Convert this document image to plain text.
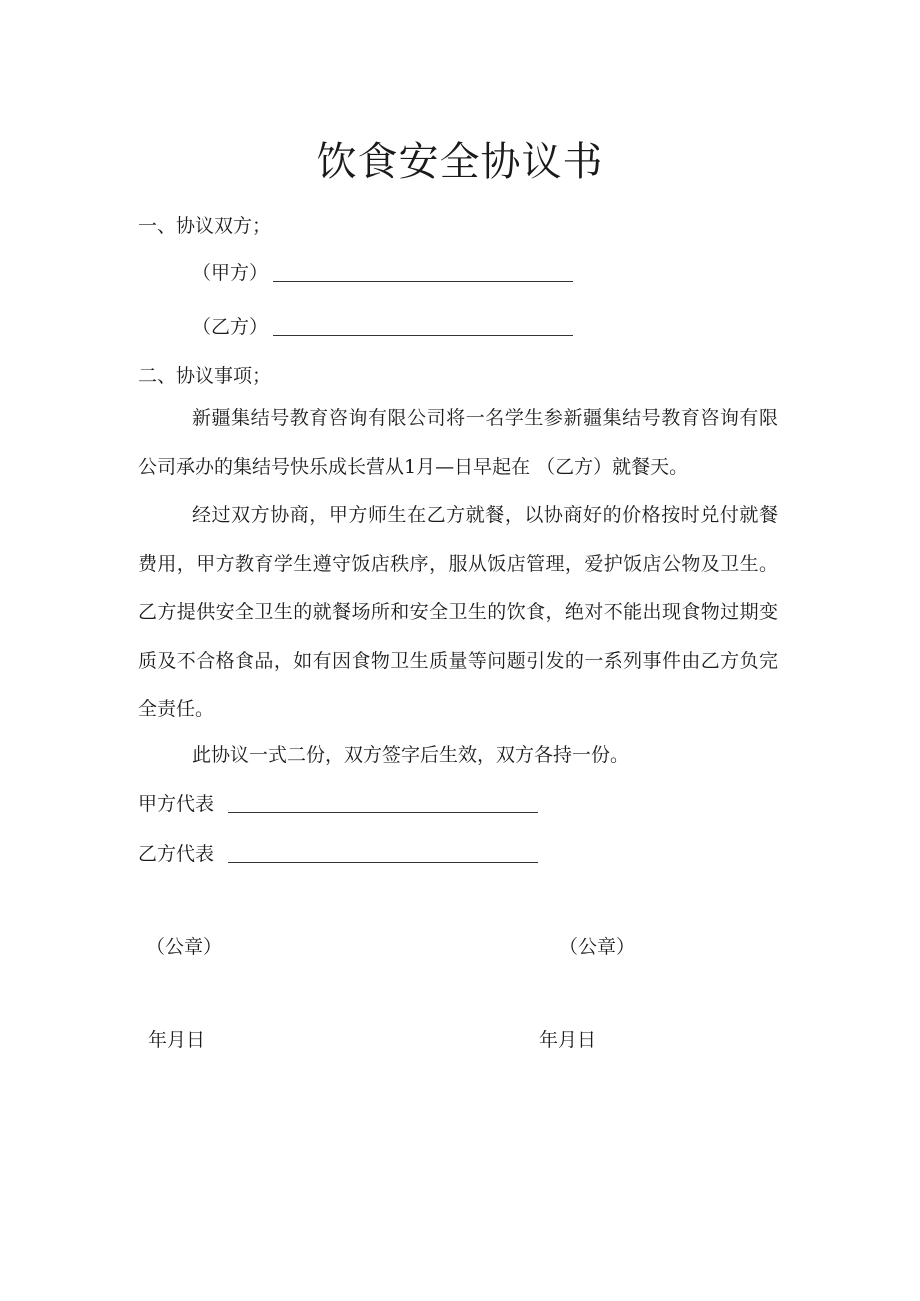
饮食安全协议书
一、协议双方；
（甲方）
（乙方）
二、协议事项；
新疆集结号教育咨询有限公司将一名学生参新疆集结号教育咨询有限公司承办的集结号快乐成长营从1月—日早起在 （乙方）就餐天。
经过双方协商，甲方师生在乙方就餐，以协商好的价格按时兑付就餐费用，甲方教育学生遵守饭店秩序，服从饭店管理，爱护饭店公物及卫生。乙方提供安全卫生的就餐场所和安全卫生的饮食，绝对不能出现食物过期变质及不合格食品，如有因食物卫生质量等问题引发的一系列事件由乙方负完全责任。
此协议一式二份，双方签字后生效，双方各持一份。
甲方代表
乙方代表
（公章）	（公章）
年月日	年月日
